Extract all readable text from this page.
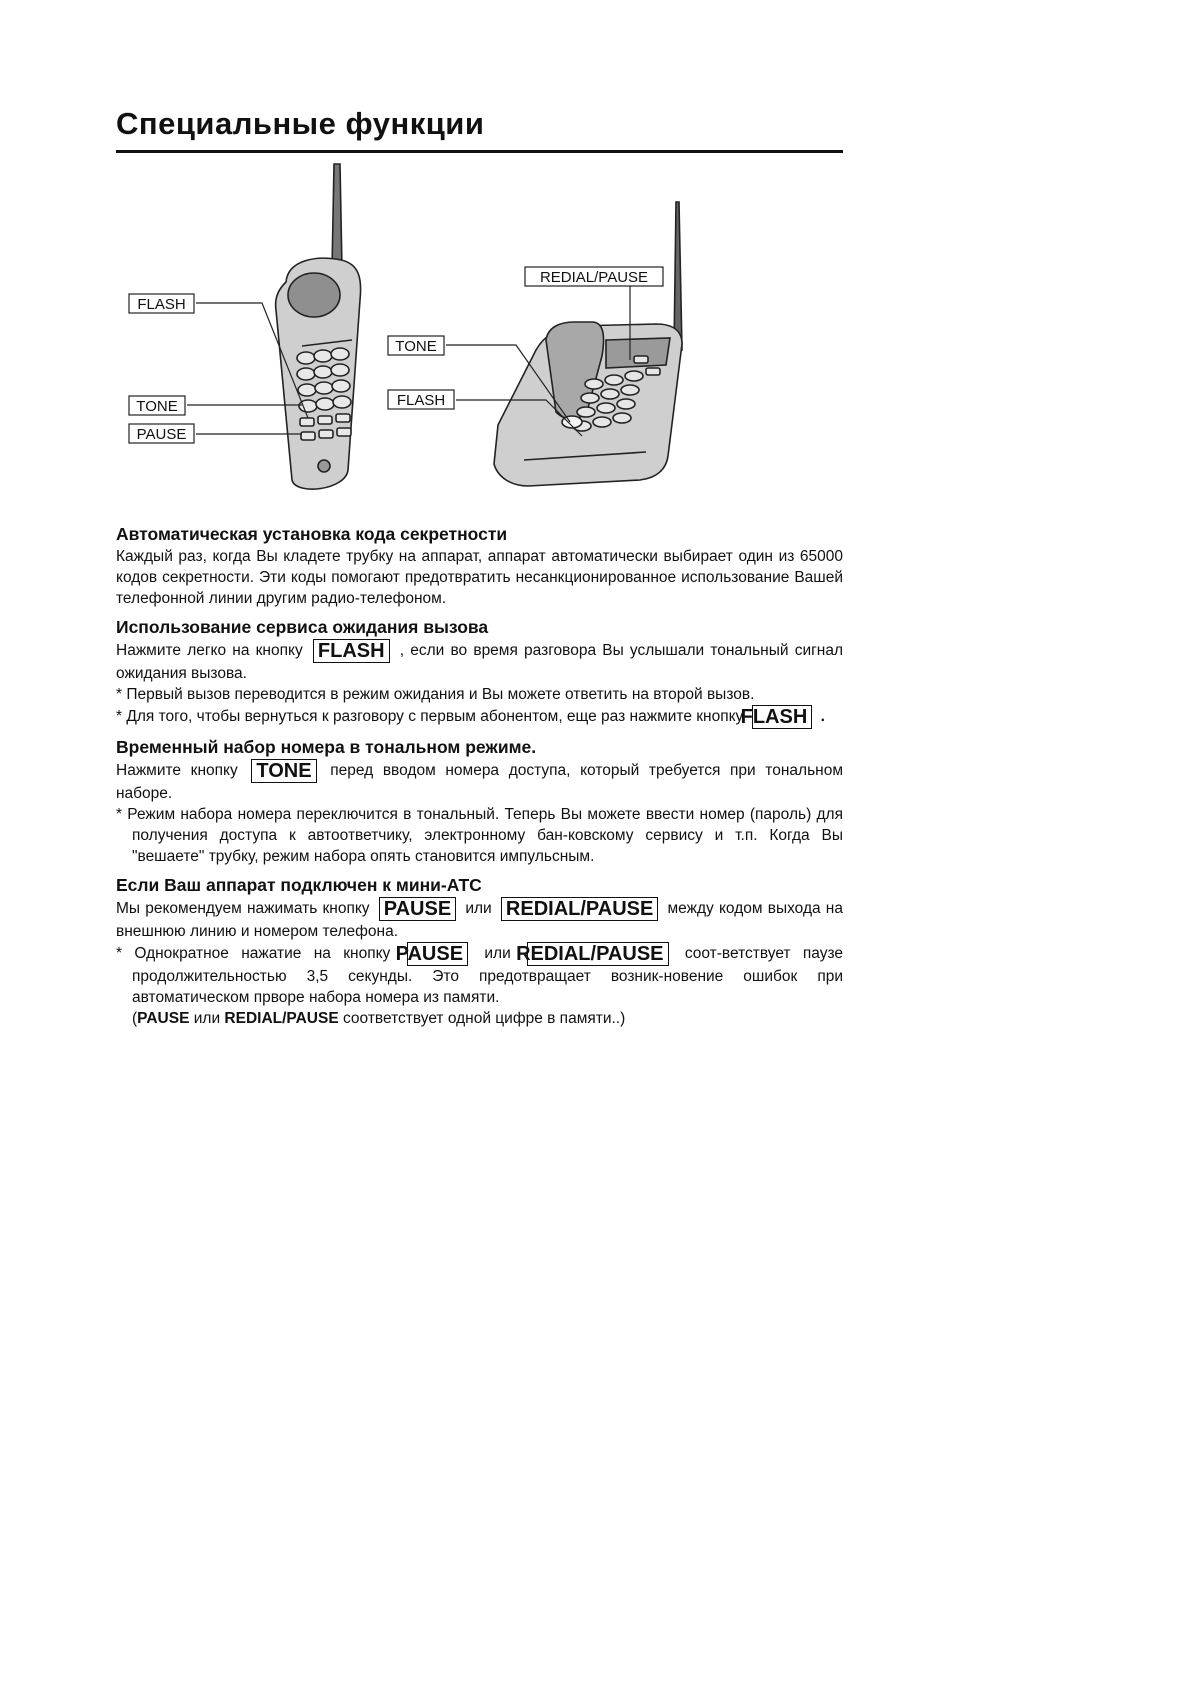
Специальные функции
FLASH
TONE
PAUSE
REDIAL/PAUSE
TONE
FLASH
Автоматическая установка кода секретности

Каждый раз, когда Вы кладете трубку на аппарат, аппарат автоматически выбирает один из 65000 кодов секретности. Эти коды помогают предотвратить несанкционированное использование Вашей телефонной линии другим радио-телефоном.

Использование сервиса ожидания вызова

Нажмите легко на кнопку FLASH , если во время разговора Вы услышали тональный сигнал ожидания вызова.

* Первый вызов переводится в режим ожидания и Вы можете ответить на второй вызов.

* Для того, чтобы вернуться к разговору с первым абонентом, еще раз нажмите кнопку FLASH .

Временный набор номера в тональном режиме.

Нажмите кнопку TONE перед вводом номера доступа, который требуется при тональном наборе.

* Режим набора номера переключится в тональный. Теперь Вы можете ввести номер (пароль) для получения доступа к автоответчику, электронному бан-ковскому сервису и т.п. Когда Вы "вешаете" трубку, режим набора опять становится импульсным.

Если Ваш аппарат подключен к мини-АТС

Мы рекомендуем нажимать кнопку PAUSE или REDIAL/PAUSE между кодом выхода на внешнюю линию и номером телефона.

* Однократное нажатие на кнопку PAUSE или REDIAL/PAUSE соот-ветствует паузе продолжительностью 3,5 секунды. Это предотвращает возник-новение ошибок при автоматическом прворе набора номера из памяти.
(PAUSE или REDIAL/PAUSE соответствует одной цифре в памяти..)
